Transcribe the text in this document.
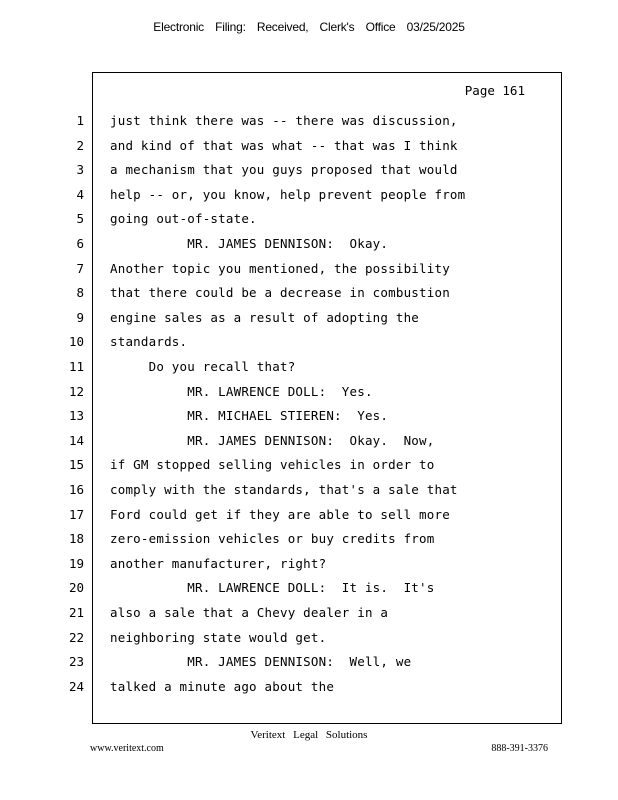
Electronic Filing: Received, Clerk's Office 03/25/2025
Page 161
1 just think there was -- there was discussion,
2 and kind of that was what -- that was I think
3 a mechanism that you guys proposed that would
4 help -- or, you know, help prevent people from
5 going out-of-state.
6 MR. JAMES DENNISON:  Okay.
7 Another topic you mentioned, the possibility
8 that there could be a decrease in combustion
9 engine sales as a result of adopting the
10 standards.
11 Do you recall that?
12 MR. LAWRENCE DOLL:  Yes.
13 MR. MICHAEL STIEREN:  Yes.
14 MR. JAMES DENNISON:  Okay.  Now,
15 if GM stopped selling vehicles in order to
16 comply with the standards, that's a sale that
17 Ford could get if they are able to sell more
18 zero-emission vehicles or buy credits from
19 another manufacturer, right?
20 MR. LAWRENCE DOLL:  It is.  It's
21 also a sale that a Chevy dealer in a
22 neighboring state would get.
23 MR. JAMES DENNISON:  Well, we
24 talked a minute ago about the
Veritext Legal Solutions
www.veritext.com	888-391-3376
